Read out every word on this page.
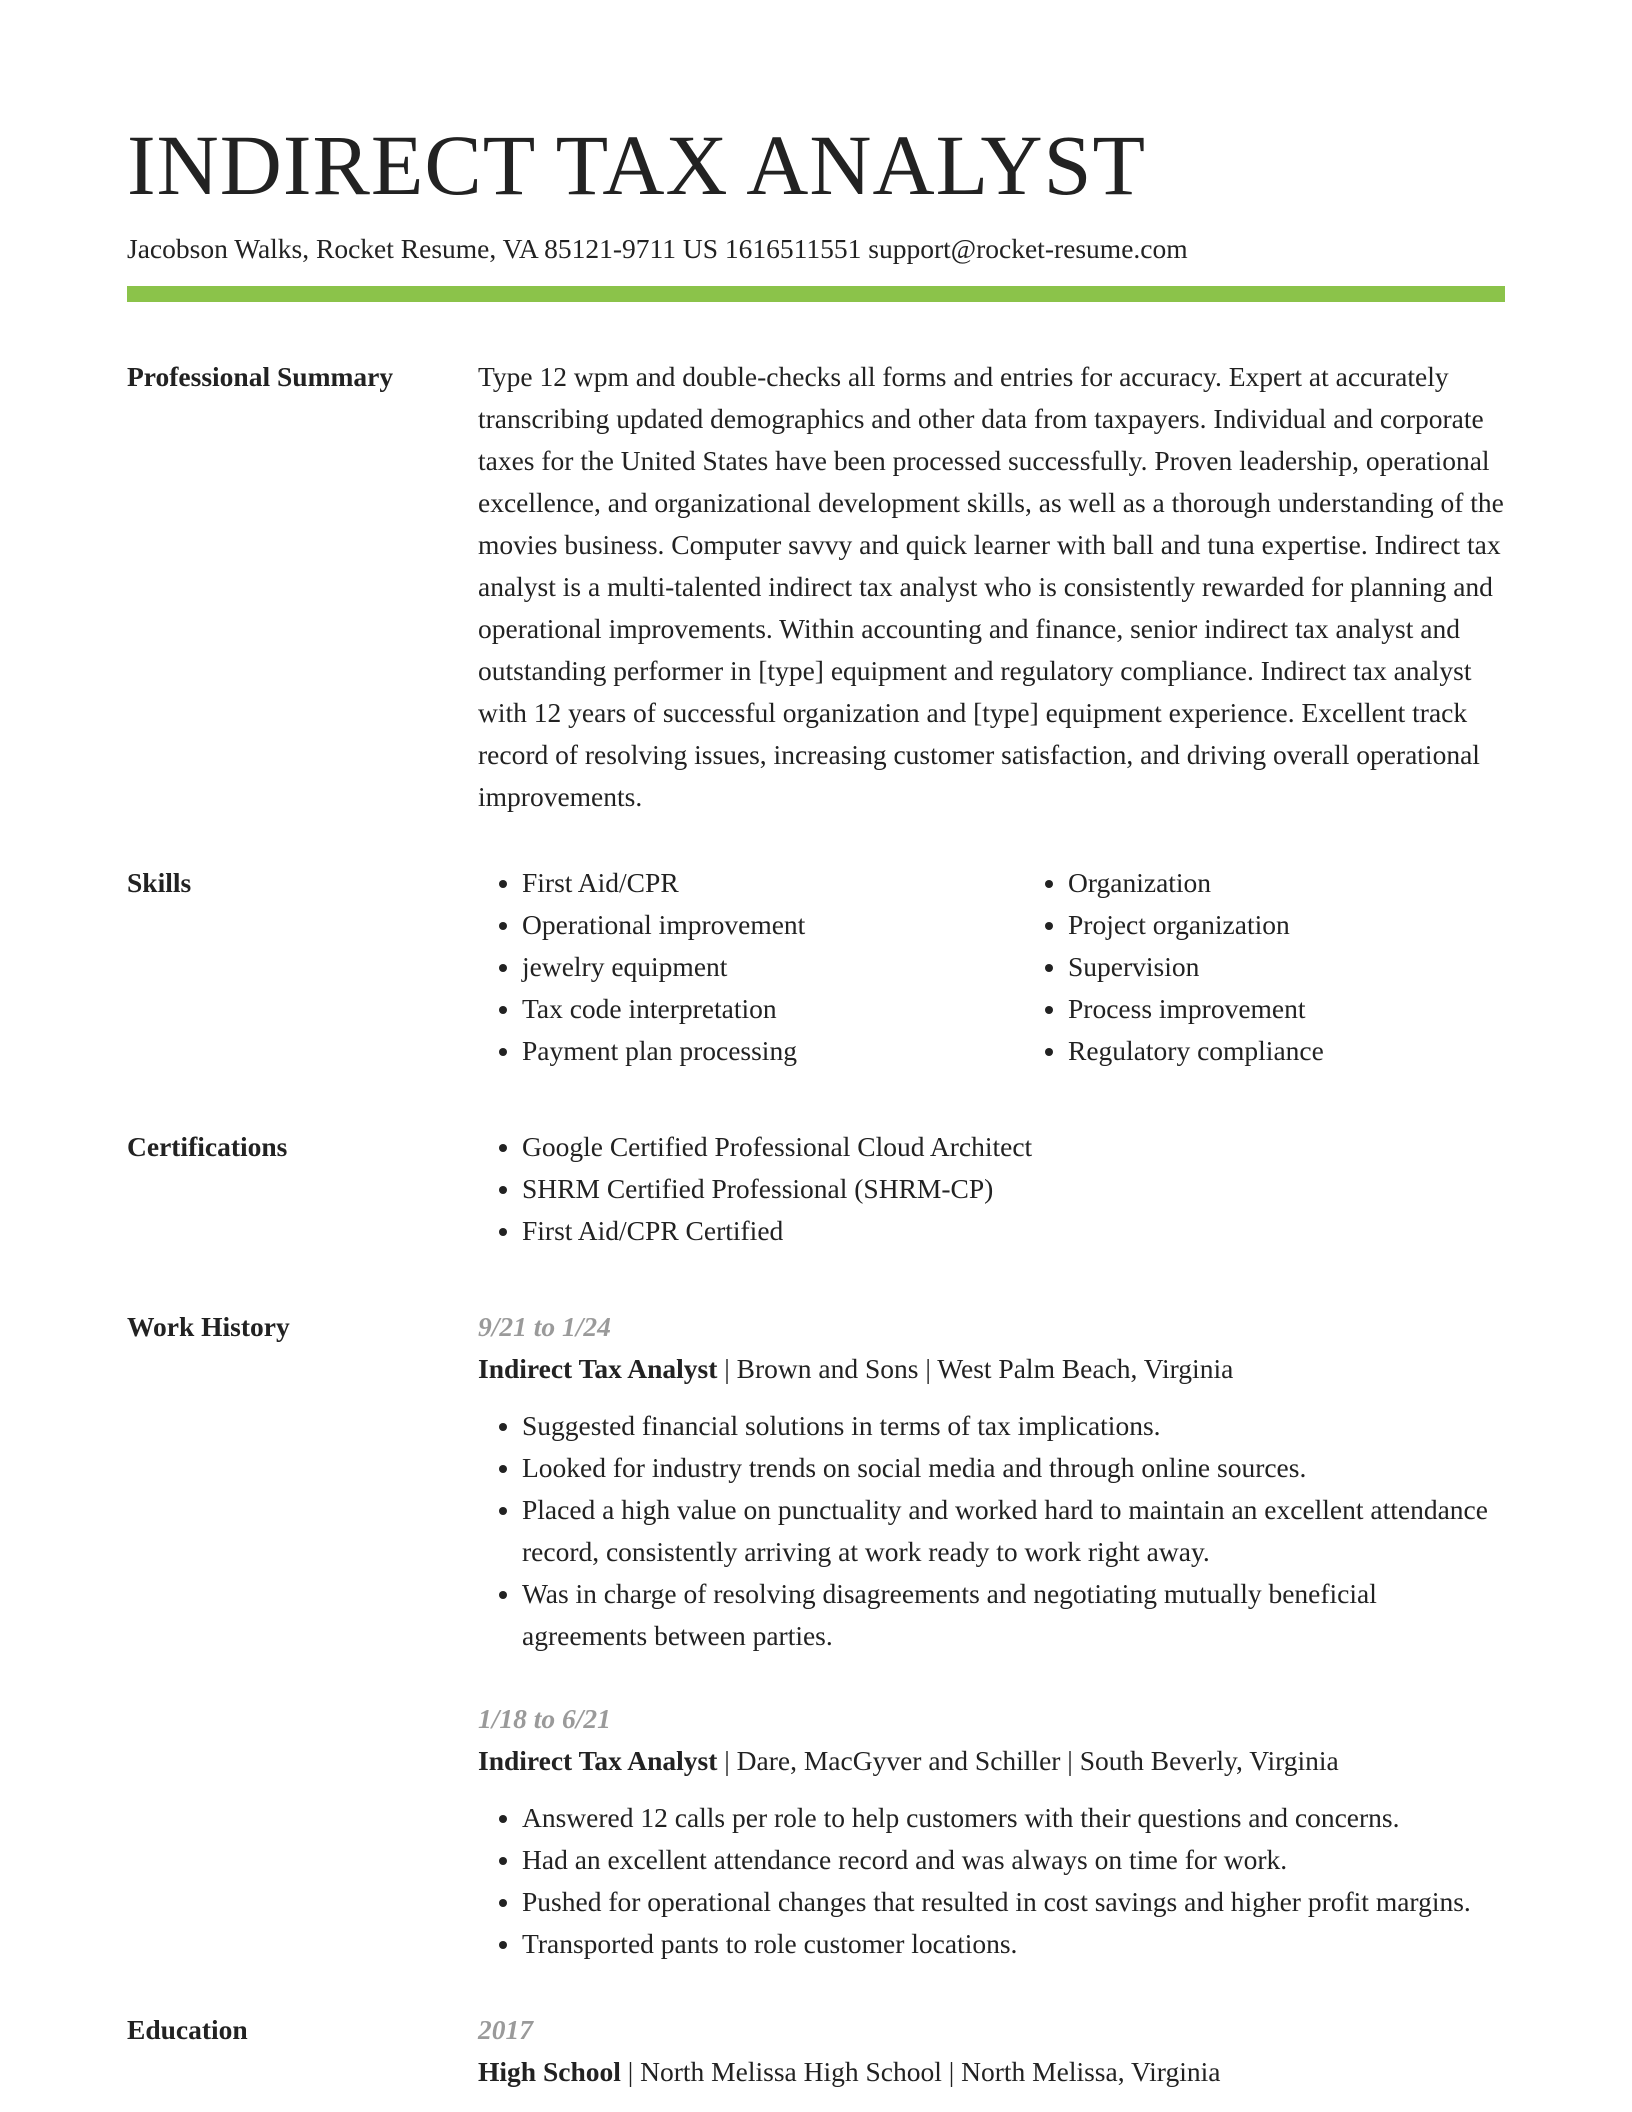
INDIRECT TAX ANALYST
Jacobson Walks, Rocket Resume, VA 85121-9711 US 1616511551 support@rocket-resume.com
Professional Summary	Type 12 wpm and double-checks all forms and entries for accuracy. Expert at accurately transcribing updated demographics and other data from taxpayers. Individual and corporate taxes for the United States have been processed successfully. Proven leadership, operational excellence, and organizational development skills, as well as a thorough understanding of the movies business. Computer savvy and quick learner with ball and tuna expertise. Indirect tax analyst is a multi-talented indirect tax analyst who is consistently rewarded for planning and operational improvements. Within accounting and finance, senior indirect tax analyst and outstanding performer in [type] equipment and regulatory compliance. Indirect tax analyst with 12 years of successful organization and [type] equipment experience. Excellent track record of resolving issues, increasing customer satisfaction, and driving overall operational improvements.

Skills	• First Aid/CPR
• Operational improvement
• jewelry equipment
• Tax code interpretation
• Payment plan processing
• Organization
• Project organization
• Supervision
• Process improvement
• Regulatory compliance
Certifications	• Google Certified Professional Cloud Architect
• SHRM Certified Professional (SHRM-CP)
• First Aid/CPR Certified
Work History	9/21 to 1/24
Indirect Tax Analyst | Brown and Sons | West Palm Beach, Virginia
• Suggested financial solutions in terms of tax implications.
• Looked for industry trends on social media and through online sources.
• Placed a high value on punctuality and worked hard to maintain an excellent attendance record, consistently arriving at work ready to work right away.
• Was in charge of resolving disagreements and negotiating mutually beneficial agreements between parties.
1/18 to 6/21
Indirect Tax Analyst | Dare, MacGyver and Schiller | South Beverly, Virginia
• Answered 12 calls per role to help customers with their questions and concerns.
• Had an excellent attendance record and was always on time for work.
• Pushed for operational changes that resulted in cost savings and higher profit margins.
• Transported pants to role customer locations.
Education	2017
High School | North Melissa High School | North Melissa, Virginia
